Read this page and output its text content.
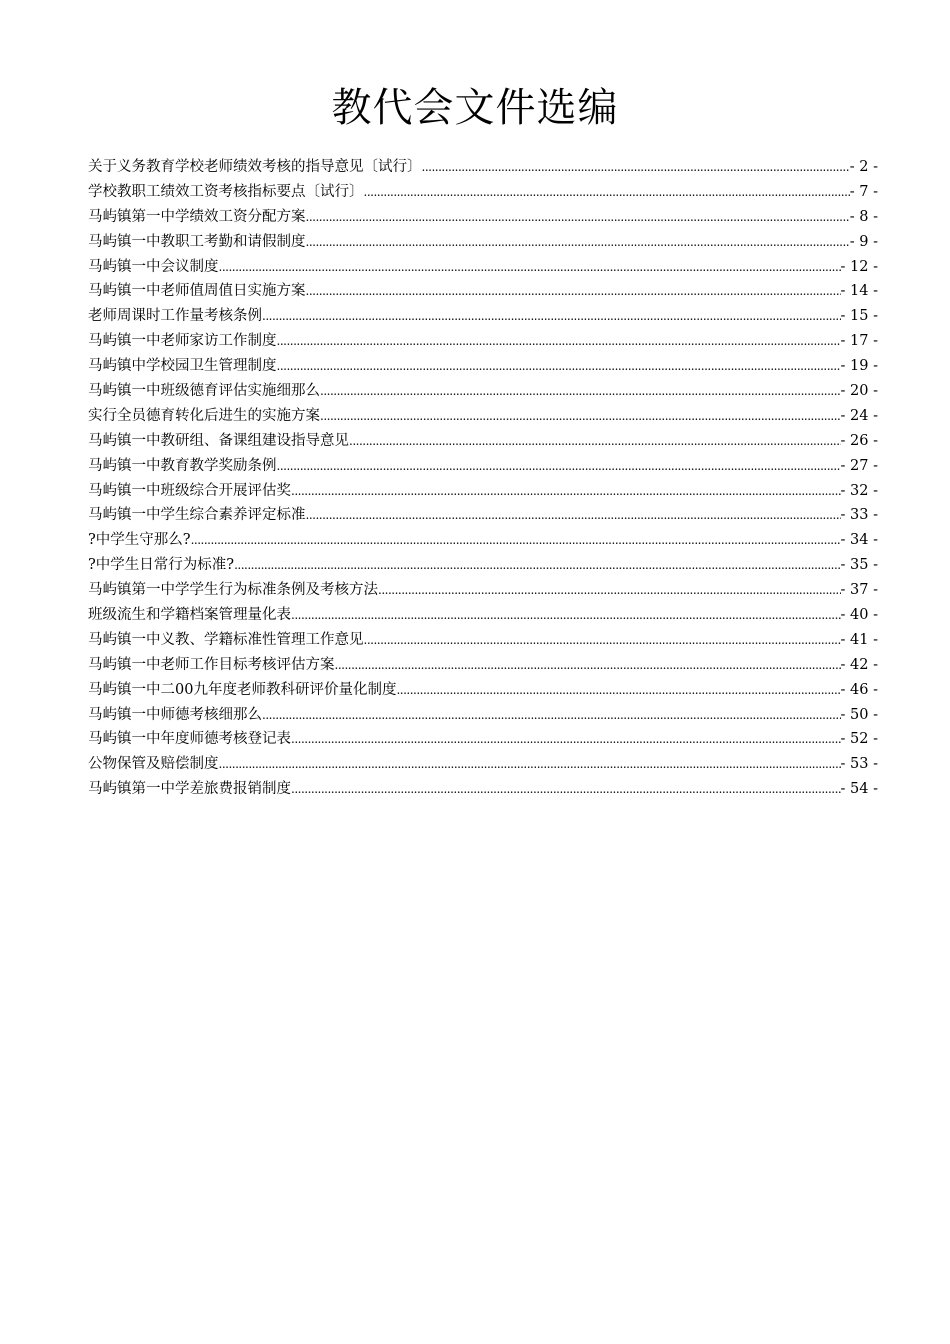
教代会文件选编
关于义务教育学校老师绩效考核的指导意见〔试行〕 .....	- 2 -
学校教职工绩效工资考核指标要点〔试行〕 .....	- 7 -
马屿镇第一中学绩效工资分配方案 .....	- 8 -
马屿镇一中教职工考勤和请假制度 .....	- 9 -
马屿镇一中会议制度 .....	- 12 -
马屿镇一中老师值周值日实施方案 .....	- 14 -
老师周课时工作量考核条例 .....	- 15 -
马屿镇一中老师家访工作制度 .....	- 17 -
马屿镇中学校园卫生管理制度 .....	- 19 -
马屿镇一中班级德育评估实施细那么 .....	- 20 -
实行全员德育转化后进生的实施方案 .....	- 24 -
马屿镇一中教研组、备课组建设指导意见 .....	- 26 -
马屿镇一中教育教学奖励条例 .....	- 27 -
马屿镇一中班级综合开展评估奖 .....	- 32 -
马屿镇一中学生综合素养评定标准 .....	- 33 -
?中学生守那么? .....	- 34 -
?中学生日常行为标准? .....	- 35 -
马屿镇第一中学学生行为标准条例及考核方法 .....	- 37 -
班级流生和学籍档案管理量化表 .....	- 40 -
马屿镇一中义教、学籍标准性管理工作意见 .....	- 41 -
马屿镇一中老师工作目标考核评估方案 .....	- 42 -
马屿镇一中二00九年度老师教科研评价量化制度 .....	- 46 -
马屿镇一中师德考核细那么 .....	- 50 -
马屿镇一中年度师德考核登记表 .....	- 52 -
公物保管及赔偿制度 .....	- 53 -
马屿镇第一中学差旅费报销制度 .....	- 54 -
